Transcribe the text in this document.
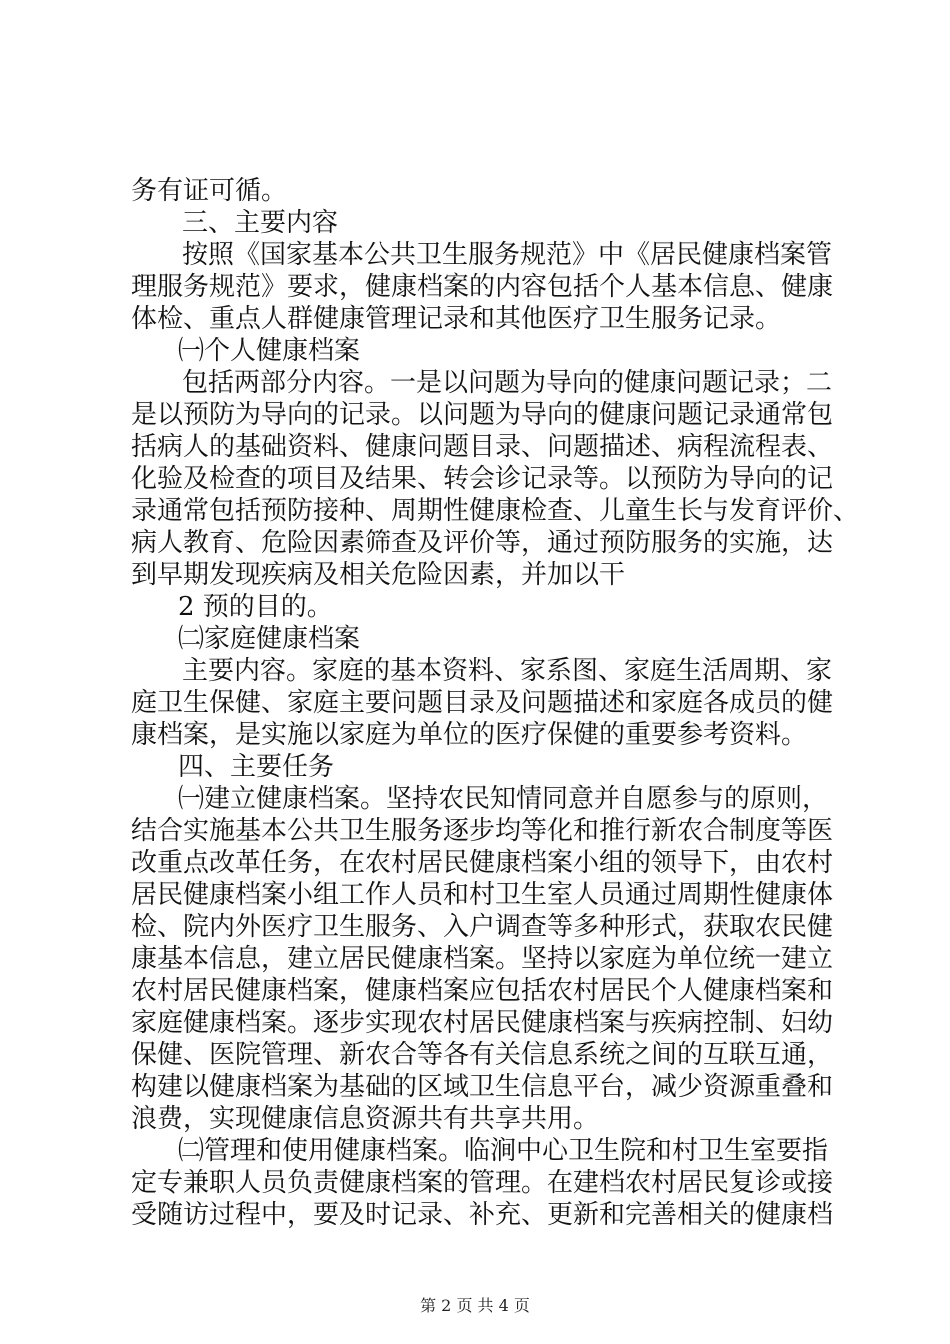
务有证可循。
三、主要内容
按照《国家基本公共卫生服务规范》中《居民健康档案管
理服务规范》要求，健康档案的内容包括个人基本信息、健康
体检、重点人群健康管理记录和其他医疗卫生服务记录。
㈠个人健康档案
包括两部分内容。一是以问题为导向的健康问题记录；二
是以预防为导向的记录。以问题为导向的健康问题记录通常包
括病人的基础资料、健康问题目录、问题描述、病程流程表、
化验及检查的项目及结果、转会诊记录等。以预防为导向的记
录通常包括预防接种、周期性健康检查、儿童生长与发育评价、
病人教育、危险因素筛查及评价等，通过预防服务的实施，达
到早期发现疾病及相关危险因素，并加以干
2 预的目的。
㈡家庭健康档案
主要内容。家庭的基本资料、家系图、家庭生活周期、家
庭卫生保健、家庭主要问题目录及问题描述和家庭各成员的健
康档案，是实施以家庭为单位的医疗保健的重要参考资料。
四、主要任务
㈠建立健康档案。坚持农民知情同意并自愿参与的原则，
结合实施基本公共卫生服务逐步均等化和推行新农合制度等医
改重点改革任务，在农村居民健康档案小组的领导下，由农村
居民健康档案小组工作人员和村卫生室人员通过周期性健康体
检、院内外医疗卫生服务、入户调查等多种形式，获取农民健
康基本信息，建立居民健康档案。坚持以家庭为单位统一建立
农村居民健康档案，健康档案应包括农村居民个人健康档案和
家庭健康档案。逐步实现农村居民健康档案与疾病控制、妇幼
保健、医院管理、新农合等各有关信息系统之间的互联互通，
构建以健康档案为基础的区域卫生信息平台，减少资源重叠和
浪费，实现健康信息资源共有共享共用。
㈡管理和使用健康档案。临涧中心卫生院和村卫生室要指
定专兼职人员负责健康档案的管理。在建档农村居民复诊或接
受随访过程中，要及时记录、补充、更新和完善相关的健康档
第 2 页 共 4 页
